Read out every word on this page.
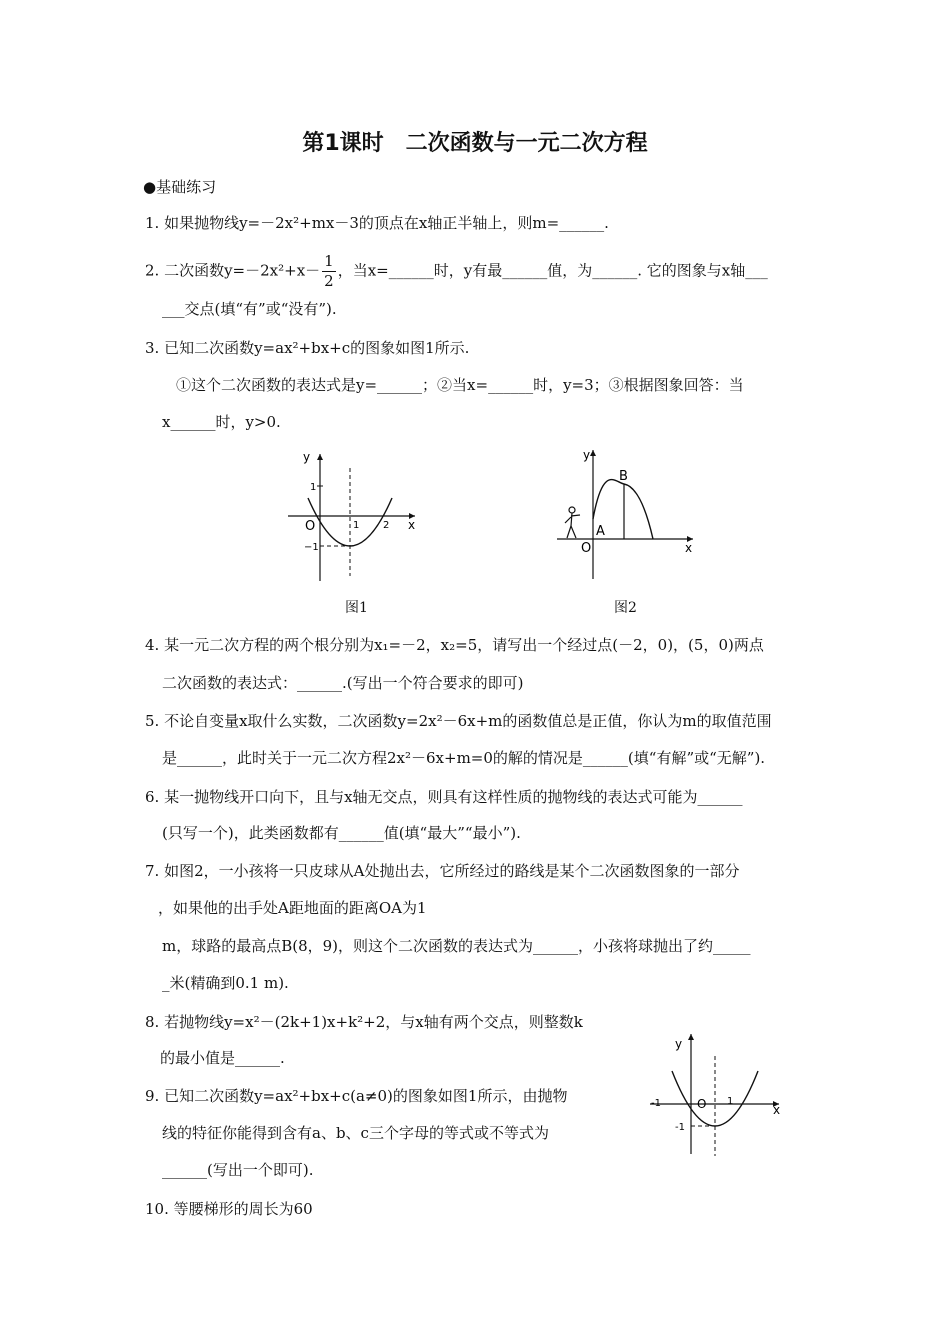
第1课时　二次函数与一元二次方程
●基础练习
1. 如果抛物线y=－2x²+mx－3的顶点在x轴正半轴上，则m=______.
2. 二次函数$y=-2x^2+x- \frac{1}{2}$ ，当x=______时，y有最______值，为______. 它的图象与x轴___
___交点(填“有”或“没有”).
3. 已知二次函数y=ax²+bx+c的图象如图1所示.
①这个二次函数的表达式是y=______；②当x=______时，y=3；③根据图象回答：当
x______时，y>0.
y
x
O	1 2
1
−1
图1
y
x
O
A
B
图2
4. 某一元二次方程的两个根分别为x₁=－2，x₂=5，请写出一个经过点(－2，0)，(5，0)两点
二次函数的表达式：______.(写出一个符合要求的即可)
5. 不论自变量x取什么实数，二次函数y=2x²－6x+m的函数值总是正值，你认为m的取值范围
是______，此时关于一元二次方程2x²－6x+m=0的解的情况是______(填“有解”或“无解”).
6. 某一抛物线开口向下，且与x轴无交点，则具有这样性质的抛物线的表达式可能为______
(只写一个)，此类函数都有______值(填“最大”“最小”).
7. 如图2，一小孩将一只皮球从A处抛出去，它所经过的路线是某个二次函数图象的一部分
，如果他的出手处A距地面的距离OA为1
m，球路的最高点B(8，9)，则这个二次函数的表达式为______，小孩将球抛出了约_____
_米(精确到0.1 m).
8. 若抛物线y=x²－(2k+1)x+k²+2，与x轴有两个交点，则整数k
的最小值是______.
9. 已知二次函数y=ax²+bx+c(a≠0)的图象如图1所示，由抛物
线的特征你能得到含有a、b、c三个字母的等式或不等式为
______(写出一个即可).
y
x
O
-1	1
-1
10. 等腰梯形的周长为60
